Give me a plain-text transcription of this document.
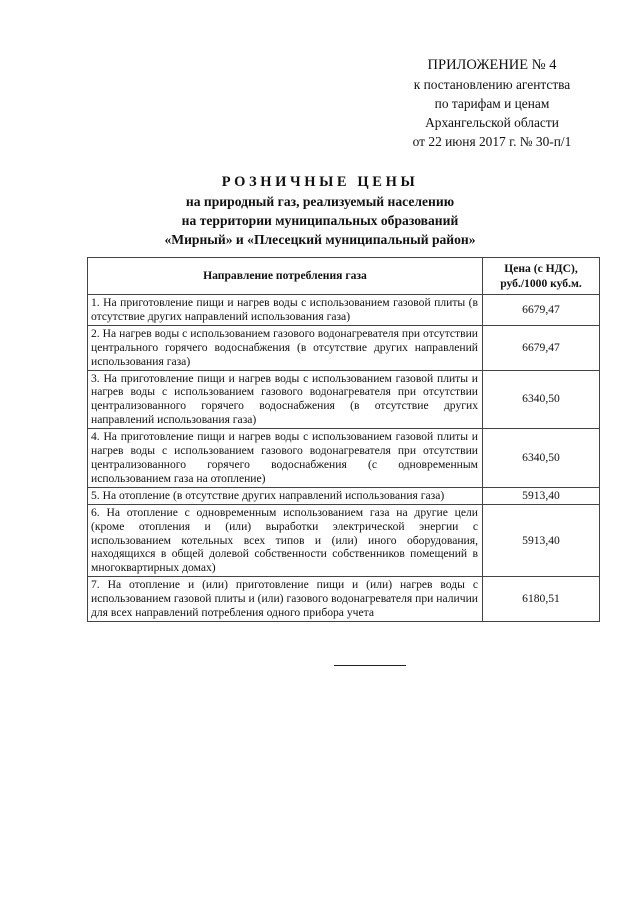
ПРИЛОЖЕНИЕ № 4
к постановлению агентства
по тарифам и ценам
Архангельской области
от 22 июня 2017 г. № 30-п/1
РОЗНИЧНЫЕ ЦЕНЫ
на природный газ, реализуемый населению
на территории муниципальных образований
«Мирный» и «Плесецкий муниципальный район»
Направление потребления газа	Цена (с НДС),
руб./1000 куб.м.

1. На приготовление пищи и нагрев воды с использованием газовой плиты (в отсутствие других направлений использования газа)	6679,47
2. На нагрев воды с использованием газового водонагревателя при отсутствии центрального горячего водоснабжения (в отсутствие других направлений использования газа)	6679,47
3. На приготовление пищи и нагрев воды с использованием газовой плиты и нагрев воды с использованием газового водонагревателя при отсутствии централизованного горячего водоснабжения (в отсутствие других направлений использования газа)	6340,50
4. На приготовление пищи и нагрев воды с использованием газовой плиты и нагрев воды с использованием газового водонагревателя при отсутствии централизованного горячего водоснабжения (с одновременным использованием газа на отопление)	6340,50
5. На отопление (в отсутствие других направлений использования газа)	5913,40
6. На отопление с одновременным использованием газа на другие цели (кроме отопления и (или) выработки электрической энергии с использованием котельных всех типов и (или) иного оборудования, находящихся в общей долевой собственности собственников помещений в многоквартирных домах)	5913,40
7. На отопление и (или) приготовление пищи и (или) нагрев воды с использованием газовой плиты и (или) газового водонагревателя при наличии для всех направлений потребления одного прибора учета	6180,51
